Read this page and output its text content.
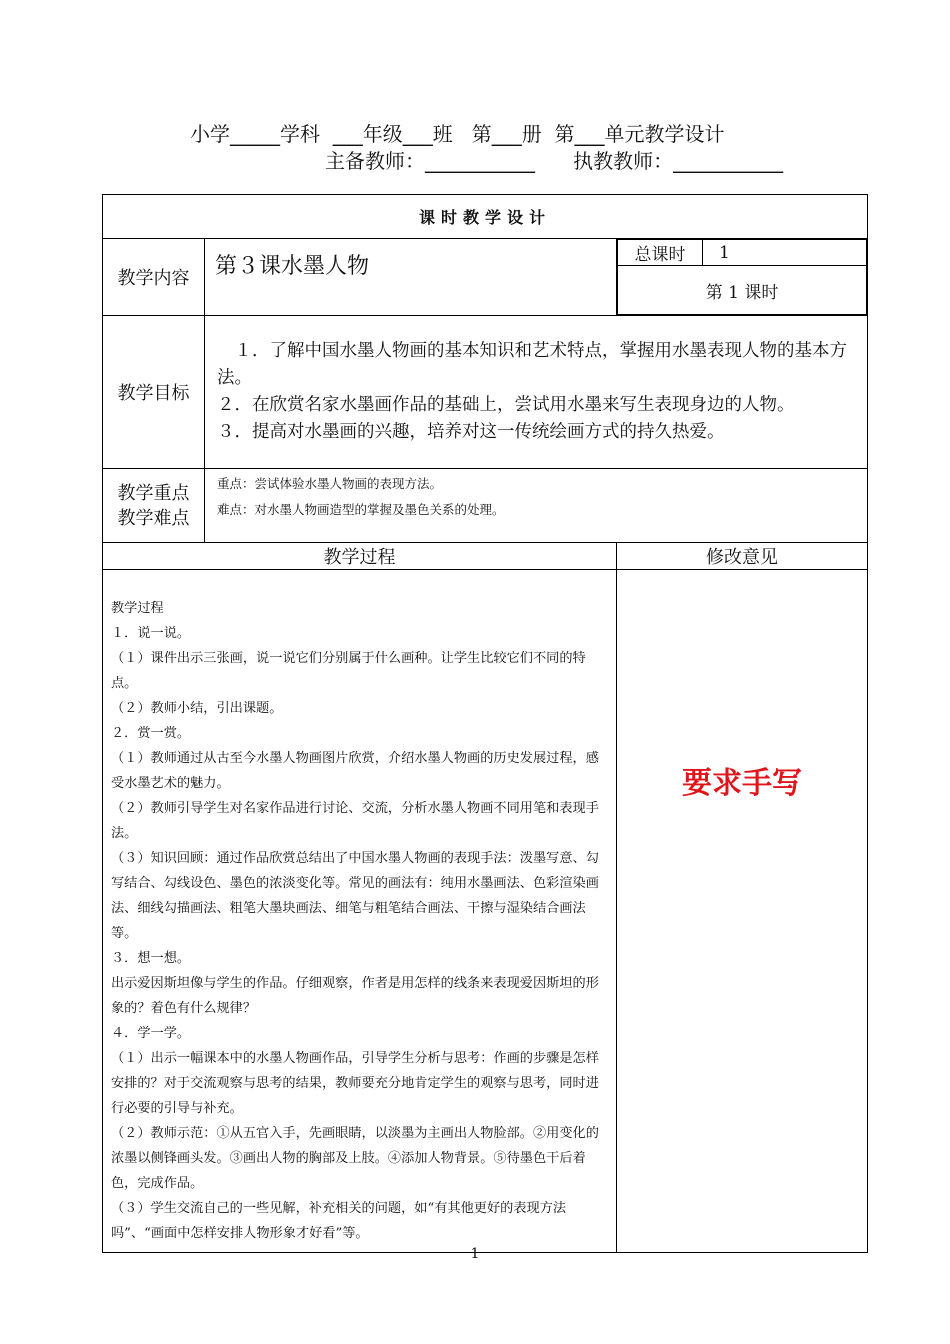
小学_____学科  ___年级___班   第___册  第___单元教学设计
主备教师：___________      执教教师：___________
课时教学设计
教学内容	第３课水墨人物		总课时	1
第 1 课时

教学目标	
　１．了解中国水墨人物画的基本知识和艺术特点，掌握用水墨表现人物的基本方法。
２．在欣赏名家水墨画作品的基础上，尝试用水墨来写生表现身边的人物。
３．提高对水墨画的兴趣，培养对这一传统绘画方式的持久热爱。

教学重点
教学难点

重点：尝试体验水墨人物画的表现方法。
难点：对水墨人物画造型的掌握及墨色关系的处理。

教学过程	修改意见

教学过程
１．说一说。
（１）课件出示三张画，说一说它们分别属于什么画种。让学生比较它们不同的特点。
（２）教师小结，引出课题。
２．赏一赏。
（１）教师通过从古至今水墨人物画图片欣赏，介绍水墨人物画的历史发展过程，感受水墨艺术的魅力。
（２）教师引导学生对名家作品进行讨论、交流，分析水墨人物画不同用笔和表现手法。
（３）知识回顾：通过作品欣赏总结出了中国水墨人物画的表现手法：泼墨写意、勾写结合、勾线设色、墨色的浓淡变化等。常见的画法有：纯用水墨画法、色彩渲染画法、细线勾描画法、粗笔大墨块画法、细笔与粗笔结合画法、干擦与湿染结合画法等。
３．想一想。
出示爱因斯坦像与学生的作品。仔细观察，作者是用怎样的线条来表现爱因斯坦的形象的？着色有什么规律？
４．学一学。
（１）出示一幅课本中的水墨人物画作品，引导学生分析与思考：作画的步骤是怎样安排的？对于交流观察与思考的结果，教师要充分地肯定学生的观察与思考，同时进行必要的引导与补充。
（２）教师示范：①从五官入手，先画眼睛，以淡墨为主画出人物脸部。②用变化的浓墨以侧锋画头发。③画出人物的胸部及上肢。④添加人物背景。⑤待墨色干后着色，完成作品。
（３）学生交流自己的一些见解，补充相关的问题，如“有其他更好的表现方法吗”、“画面中怎样安排人物形象才好看”等。
	要求手写
1
